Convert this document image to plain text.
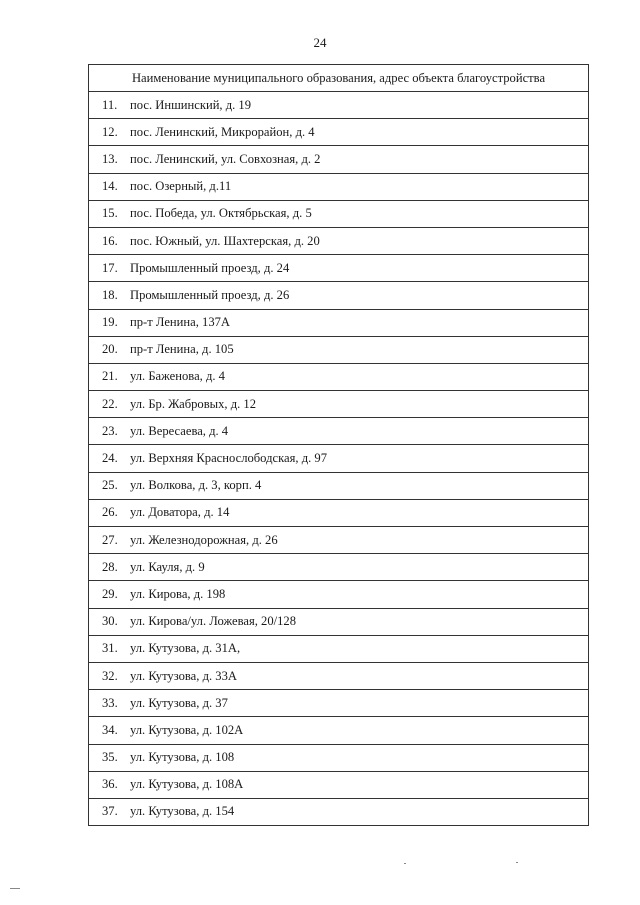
24
Наименование муниципального образования, адрес объекта благоустройства
11. пос. Иншинский, д. 19
12. пос. Ленинский, Микрорайон, д. 4
13. пос. Ленинский, ул. Совхозная, д. 2
14. пос. Озерный, д.11
15. пос. Победа, ул. Октябрьская, д. 5
16. пос. Южный, ул. Шахтерская, д. 20
17. Промышленный проезд, д. 24
18. Промышленный проезд, д. 26
19. пр-т Ленина, 137А
20. пр-т Ленина, д. 105
21. ул. Баженова, д. 4
22. ул. Бр. Жабровых, д. 12
23. ул. Вересаева, д. 4
24. ул. Верхняя Краснослободская, д. 97
25. ул. Волкова, д. 3, корп. 4
26. ул. Доватора, д. 14
27. ул. Железнодорожная, д. 26
28. ул. Кауля, д. 9
29. ул. Кирова, д. 198
30. ул. Кирова/ул. Ложевая, 20/128
31. ул. Кутузова, д. 31А,
32. ул. Кутузова, д. 33А
33. ул. Кутузова, д. 37
34. ул. Кутузова, д. 102А
35. ул. Кутузова, д. 108
36. ул. Кутузова, д. 108А
37. ул. Кутузова, д. 154
